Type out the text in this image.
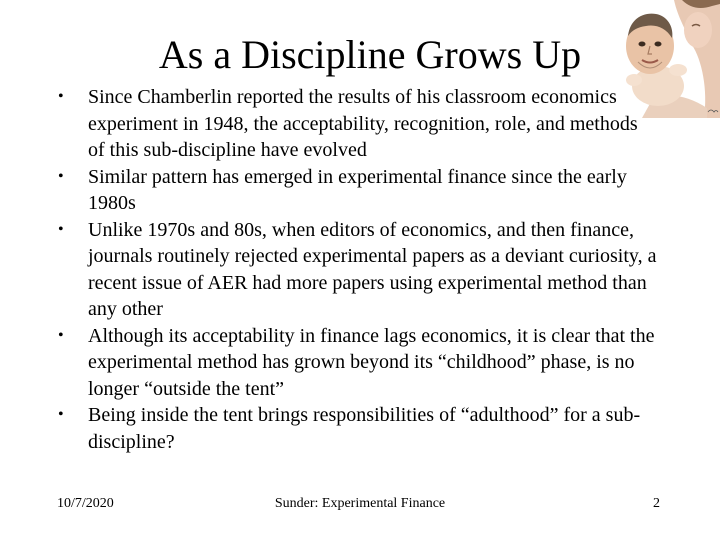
As a Discipline Grows Up
• Since Chamberlin reported the results of his classroom economics experiment in 1948, the acceptability, recognition, role, and methods of this sub-discipline have evolved
• Similar pattern has emerged in experimental finance since the early 1980s
• Unlike 1970s and 80s, when editors of economics, and then finance, journals routinely rejected experimental papers as a deviant curiosity, a recent issue of AER had more papers using experimental method than any other
• Although its acceptability in finance lags economics, it is clear that the experimental method has grown beyond its “childhood” phase, is no longer “outside the tent”
• Being inside the tent brings responsibilities of “adulthood” for a sub-discipline?
10/7/2020	Sunder: Experimental Finance	2
